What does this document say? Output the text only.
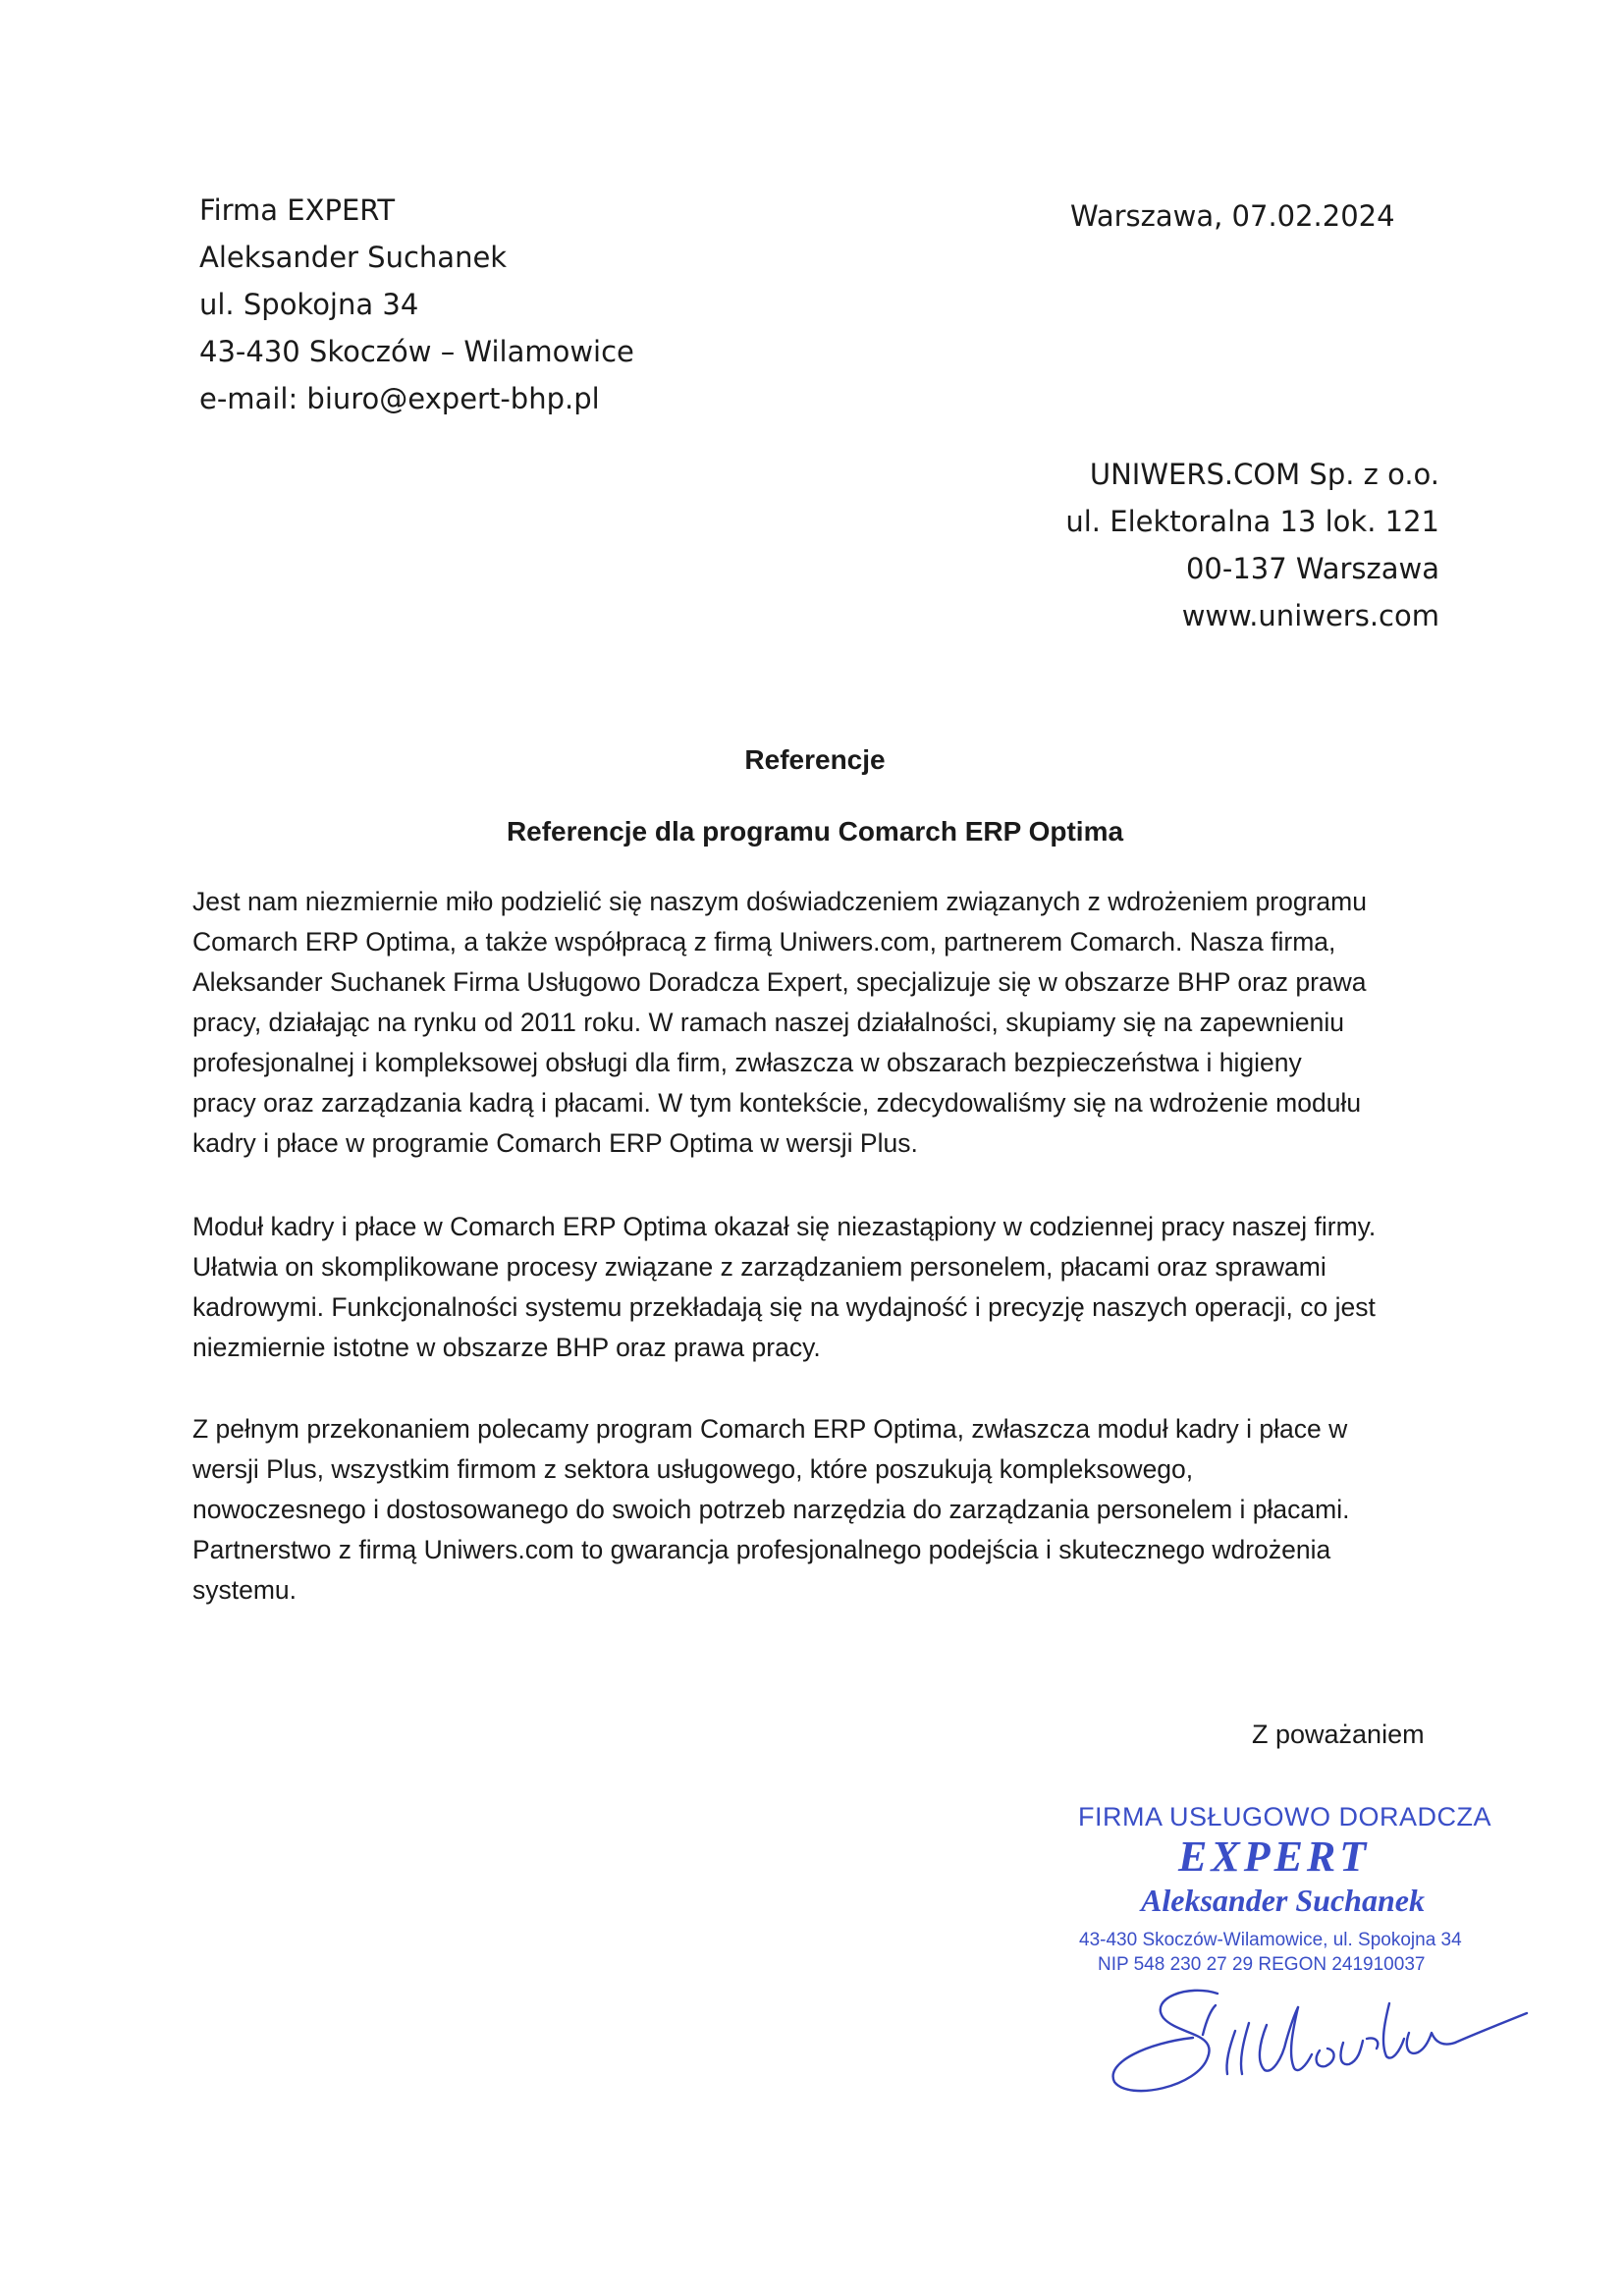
Firma EXPERT
Aleksander Suchanek
ul. Spokojna 34
43-430 Skoczów – Wilamowice
e-mail: biuro@expert-bhp.pl
Warszawa, 07.02.2024
UNIWERS.COM Sp. z o.o.
ul. Elektoralna 13 lok. 121
00-137 Warszawa
www.uniwers.com
Referencje
Referencje dla programu Comarch ERP Optima
Jest nam niezmiernie miło podzielić się naszym doświadczeniem związanych z wdrożeniem programu
Comarch ERP Optima, a także współpracą z firmą Uniwers.com, partnerem Comarch. Nasza firma,
Aleksander Suchanek Firma Usługowo Doradcza Expert, specjalizuje się w obszarze BHP oraz prawa
pracy, działając na rynku od 2011 roku. W ramach naszej działalności, skupiamy się na zapewnieniu
profesjonalnej i kompleksowej obsługi dla firm, zwłaszcza w obszarach bezpieczeństwa i higieny
pracy oraz zarządzania kadrą i płacami. W tym kontekście, zdecydowaliśmy się na wdrożenie modułu
kadry i płace w programie Comarch ERP Optima w wersji Plus.
Moduł kadry i płace w Comarch ERP Optima okazał się niezastąpiony w codziennej pracy naszej firmy.
Ułatwia on skomplikowane procesy związane z zarządzaniem personelem, płacami oraz sprawami
kadrowymi. Funkcjonalności systemu przekładają się na wydajność i precyzję naszych operacji, co jest
niezmiernie istotne w obszarze BHP oraz prawa pracy.
Z pełnym przekonaniem polecamy program Comarch ERP Optima, zwłaszcza moduł kadry i płace w
wersji Plus, wszystkim firmom z sektora usługowego, które poszukują kompleksowego,
nowoczesnego i dostosowanego do swoich potrzeb narzędzia do zarządzania personelem i płacami.
Partnerstwo z firmą Uniwers.com to gwarancja profesjonalnego podejścia i skutecznego wdrożenia
systemu.
Z poważaniem
FIRMA USŁUGOWO DORADCZA
EXPERT
Aleksander Suchanek
43-430 Skoczów-Wilamowice, ul. Spokojna 34
NIP 548 230 27 29 REGON 241910037
